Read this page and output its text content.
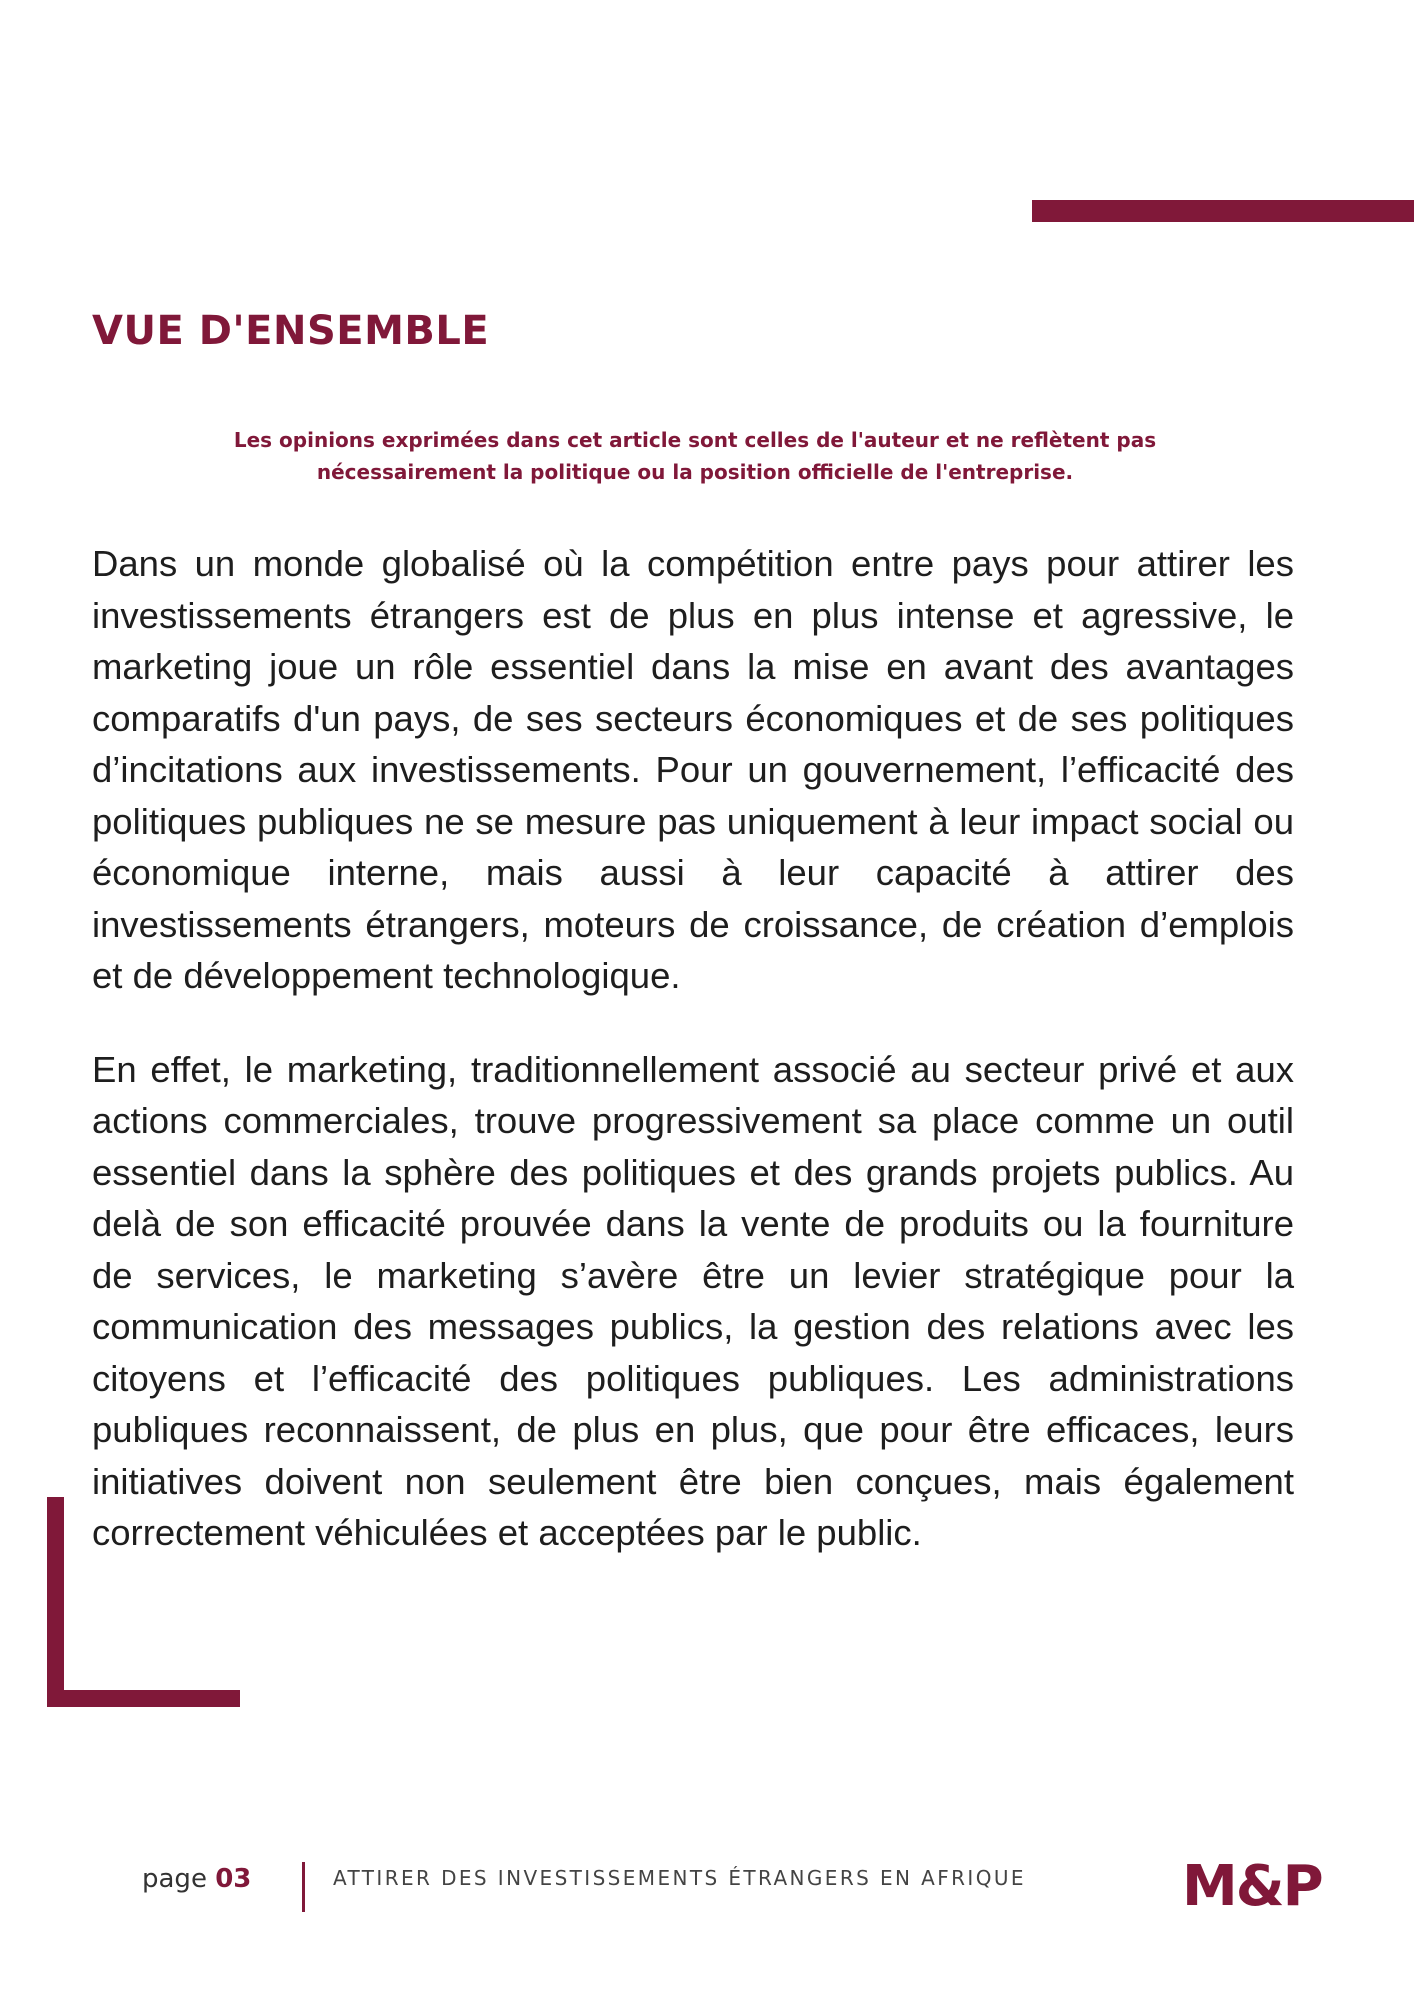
VUE D'ENSEMBLE

Les opinions exprimées dans cet article sont celles de l'auteur et ne reflètent pas
nécessairement la politique ou la position officielle de l'entreprise.

Dans un monde globalisé où la compétition entre pays pour attirer les investissements étrangers est de plus en plus intense et agressive, le marketing joue un rôle essentiel dans la mise en avant des avantages comparatifs d'un pays, de ses secteurs économiques et de ses politiques d’incitations aux investissements. Pour un gouvernement, l’efficacité des politiques publiques ne se mesure pas uniquement à leur impact social ou économique interne, mais aussi à leur capacité à attirer des investissements étrangers, moteurs de croissance, de création d’emplois et de développement technologique.

En effet, le marketing, traditionnellement associé au secteur privé et aux actions commerciales, trouve progressivement sa place comme un outil essentiel dans la sphère des politiques et des grands projets publics. Au delà de son efficacité prouvée dans la vente de produits ou la fourniture de services, le marketing s’avère être un levier stratégique pour la communication des messages publics, la gestion des relations avec les citoyens et l’efficacité des politiques publiques. Les administrations publiques reconnaissent, de plus en plus, que pour être efficaces, leurs initiatives doivent non seulement être bien conçues, mais également correctement véhiculées et acceptées par le public.

page 03	ATTIRER DES INVESTISSEMENTS ÉTRANGERS EN AFRIQUE	M&P
